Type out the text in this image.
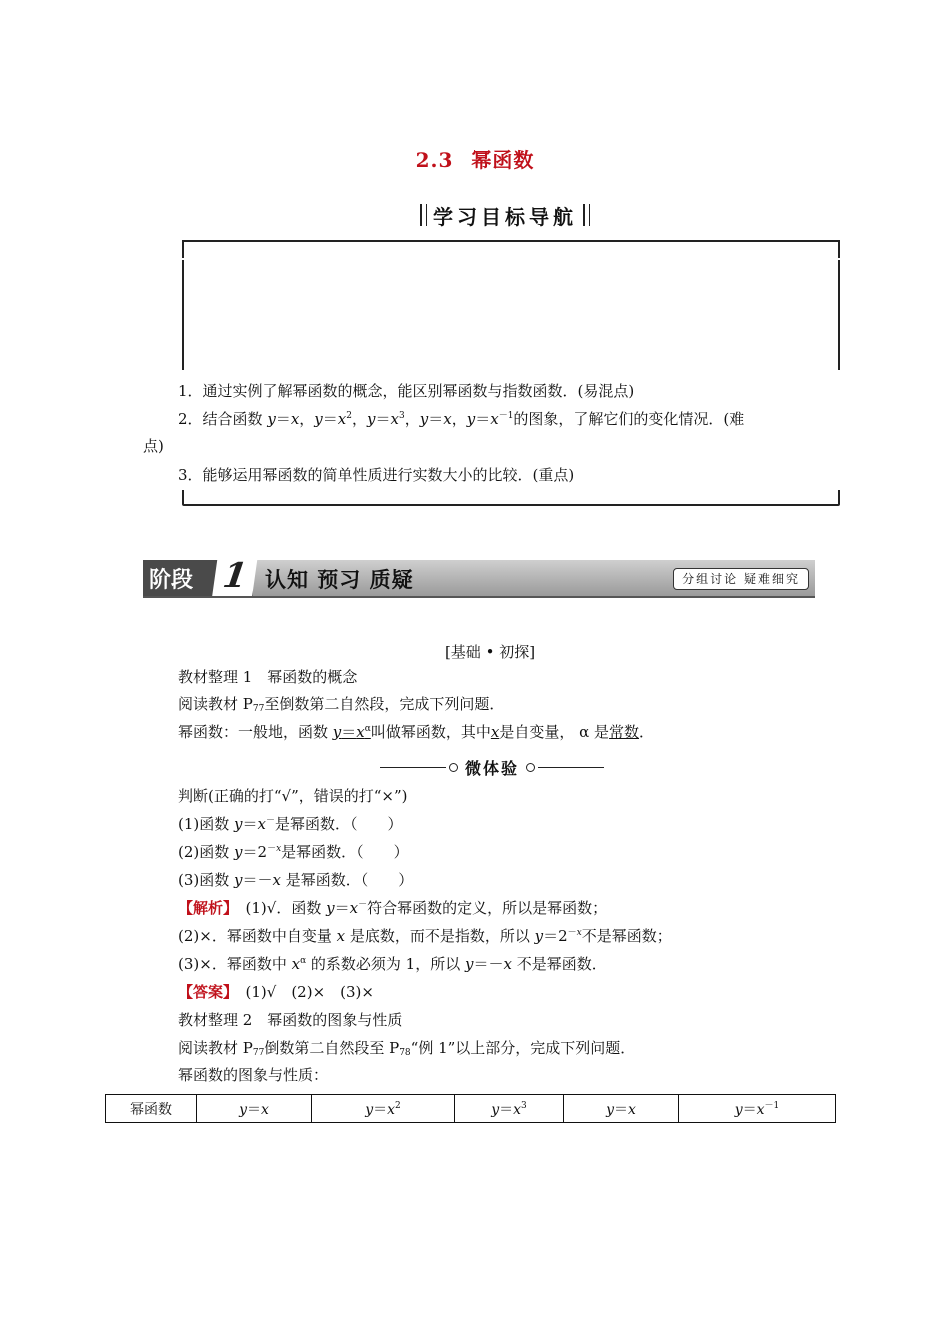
2.3 幂函数
学习目标导航
1．通过实例了解幂函数的概念，能区别幂函数与指数函数．(易混点)
2．结合函数 y＝x，$y=x^2$，$y=x^3$，y＝x，$y=x^{-1}$的图象，了解它们的变化情况．(难
点)
3．能够运用幂函数的简单性质进行实数大小的比较．(重点)
阶段 1 认知 预习 质疑	分组讨论 疑难细究
[基础 • 初探]
教材整理 1　幂函数的概念
阅读教材 $P_{77}$至倒数第二自然段，完成下列问题．
幂函数：一般地，函数 $y=x^\alpha$叫做幂函数，其中x是自变量， α 是常数．
微体验
判断(正确的打“√”，错误的打“×”)
(1)函数 y＝x－是幂函数．（　　）
(2)函数 $y=2^{-x}$是幂函数．（　　）
(3)函数 y＝－x 是幂函数．（　　）
【解析】　(1)√．函数 y＝x－符合幂函数的定义，所以是幂函数；
(2)×．幂函数中自变量 x 是底数，而不是指数，所以 $y=2^{-x}$不是幂函数；
(3)×．幂函数中 $x^\alpha$ 的系数必须为 1，所以 y＝－x 不是幂函数．
【答案】　(1)√　(2)×　(3)×
教材整理 2　幂函数的图象与性质
阅读教材 $P_{77}$倒数第二自然段至 $P_{78}“$例 1”以上部分，完成下列问题．
幂函数的图象与性质：
幂函数	y＝x	$y=x^2$	$y=x^3$	y＝x	$y=x^{-1}$
